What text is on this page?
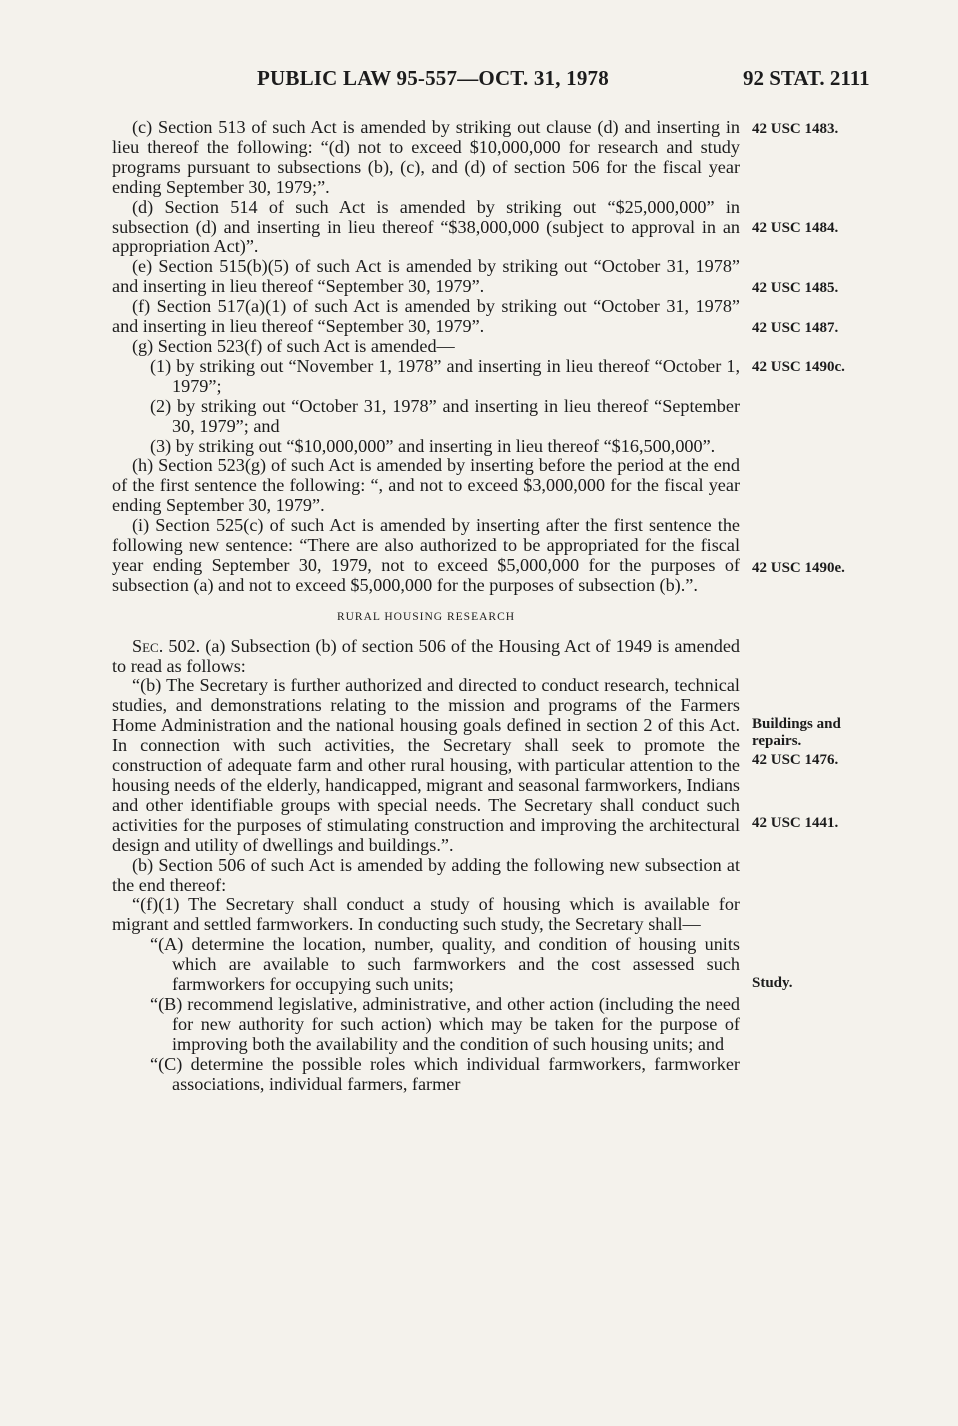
PUBLIC LAW 95-557—OCT. 31, 1978	92 STAT. 2111

(c) Section 513 of such Act is amended by striking out clause (d) and inserting in lieu thereof the following: “(d) not to exceed $10,000,000 for research and study programs pursuant to subsections (b), (c), and (d) of section 506 for the fiscal year ending September 30, 1979;”.

(d) Section 514 of such Act is amended by striking out “$25,000,000” in subsection (d) and inserting in lieu thereof “$38,000,000 (subject to approval in an appropriation Act)”.

(e) Section 515(b)(5) of such Act is amended by striking out “October 31, 1978” and inserting in lieu thereof “September 30, 1979”.

(f) Section 517(a)(1) of such Act is amended by striking out “October 31, 1978” and inserting in lieu thereof “September 30, 1979”.

(g) Section 523(f) of such Act is amended—

(1) by striking out “November 1, 1978” and inserting in lieu thereof “October 1, 1979”;

(2) by striking out “October 31, 1978” and inserting in lieu thereof “September 30, 1979”; and

(3) by striking out “$10,000,000” and inserting in lieu thereof “$16,500,000”.

(h) Section 523(g) of such Act is amended by inserting before the period at the end of the first sentence the following: “, and not to exceed $3,000,000 for the fiscal year ending September 30, 1979”.

(i) Section 525(c) of such Act is amended by inserting after the first sentence the following new sentence: “There are also authorized to be appropriated for the fiscal year ending September 30, 1979, not to exceed $5,000,000 for the purposes of subsection (a) and not to exceed $5,000,000 for the purposes of subsection (b).”.

RURAL HOUSING RESEARCH

Sec. 502. (a) Subsection (b) of section 506 of the Housing Act of 1949 is amended to read as follows:

“(b) The Secretary is further authorized and directed to conduct research, technical studies, and demonstrations relating to the mission and programs of the Farmers Home Administration and the national housing goals defined in section 2 of this Act. In connection with such activities, the Secretary shall seek to promote the construction of adequate farm and other rural housing, with particular attention to the housing needs of the elderly, handicapped, migrant and seasonal farmworkers, Indians and other identifiable groups with special needs. The Secretary shall conduct such activities for the purposes of stimulating construction and improving the architectural design and utility of dwellings and buildings.”.

(b) Section 506 of such Act is amended by adding the following new subsection at the end thereof:

“(f)(1) The Secretary shall conduct a study of housing which is available for migrant and settled farmworkers. In conducting such study, the Secretary shall—

“(A) determine the location, number, quality, and condition of housing units which are available to such farmworkers and the cost assessed such farmworkers for occupying such units;

“(B) recommend legislative, administrative, and other action (including the need for new authority for such action) which may be taken for the purpose of improving both the availability and the condition of such housing units; and

“(C) determine the possible roles which individual farmworkers, farmworker associations, individual farmers, farmer

42 USC 1483.
42 USC 1484.
42 USC 1485.
42 USC 1487.
42 USC 1490c.
42 USC 1490e.
Buildings and
repairs.
42 USC 1476.
42 USC 1441.
Study.
